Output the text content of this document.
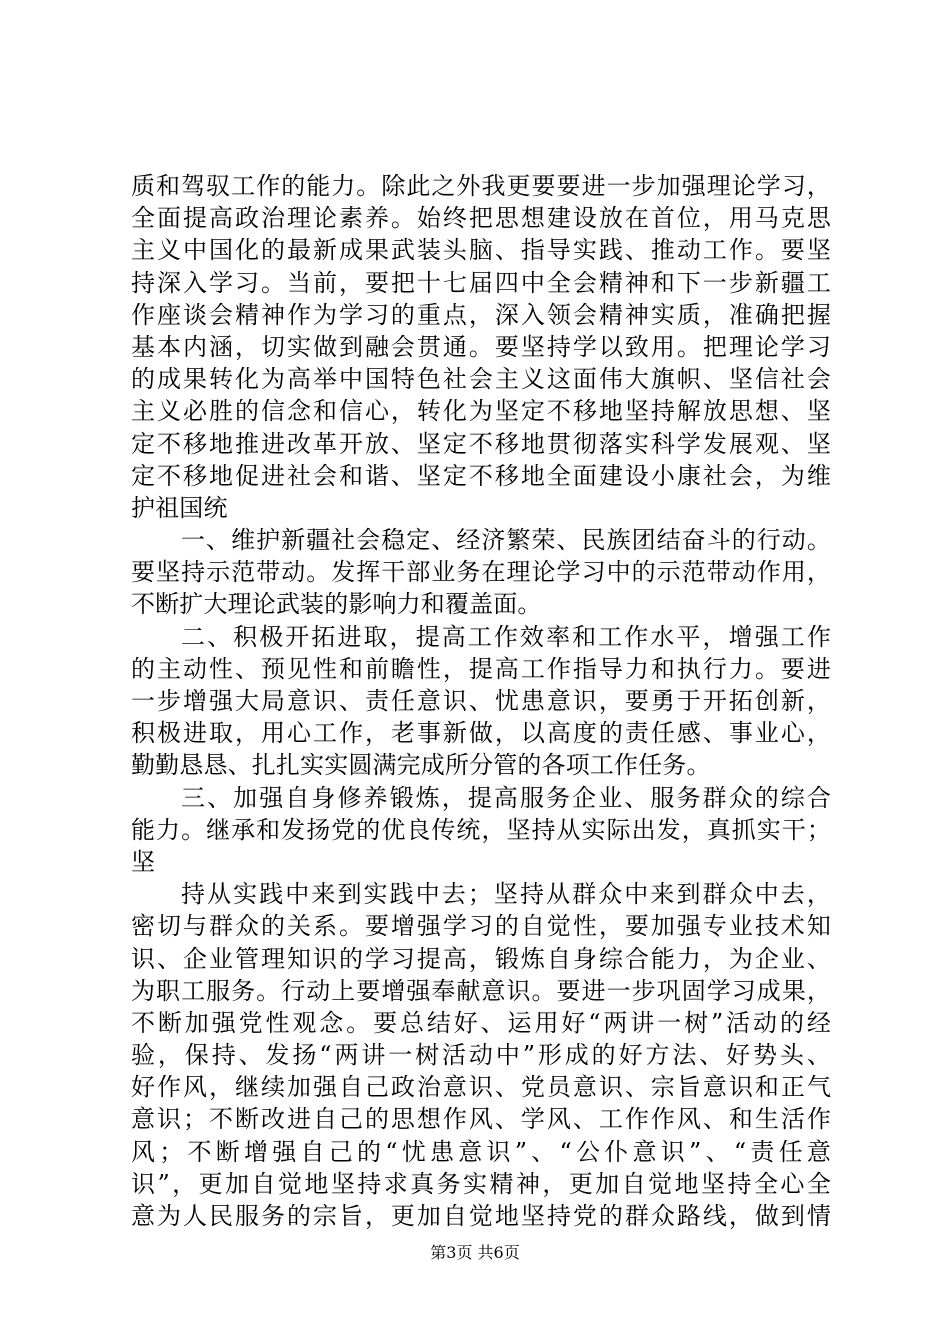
质和驾驭工作的能力。除此之外我更要要进一步加强理论学习，
全面提高政治理论素养。始终把思想建设放在首位，用马克思
主义中国化的最新成果武装头脑、指导实践、推动工作。要坚
持深入学习。当前，要把十七届四中全会精神和下一步新疆工
作座谈会精神作为学习的重点，深入领会精神实质，准确把握
基本内涵，切实做到融会贯通。要坚持学以致用。把理论学习
的成果转化为高举中国特色社会主义这面伟大旗帜、坚信社会
主义必胜的信念和信心，转化为坚定不移地坚持解放思想、坚
定不移地推进改革开放、坚定不移地贯彻落实科学发展观、坚
定不移地促进社会和谐、坚定不移地全面建设小康社会，为维
护祖国统
一、维护新疆社会稳定、经济繁荣、民族团结奋斗的行动。
要坚持示范带动。发挥干部业务在理论学习中的示范带动作用，
不断扩大理论武装的影响力和覆盖面。
二、积极开拓进取，提高工作效率和工作水平，增强工作
的主动性、预见性和前瞻性，提高工作指导力和执行力。要进
一步增强大局意识、责任意识、忧患意识，要勇于开拓创新，
积极进取，用心工作，老事新做，以高度的责任感、事业心，
勤勤恳恳、扎扎实实圆满完成所分管的各项工作任务。
三、加强自身修养锻炼，提高服务企业、服务群众的综合
能力。继承和发扬党的优良传统，坚持从实际出发，真抓实干；
坚
持从实践中来到实践中去；坚持从群众中来到群众中去，
密切与群众的关系。要增强学习的自觉性，要加强专业技术知
识、企业管理知识的学习提高，锻炼自身综合能力，为企业、
为职工服务。行动上要增强奉献意识。要进一步巩固学习成果，
不断加强党性观念。要总结好、运用好“两讲一树”活动的经
验，保持、发扬“两讲一树活动中”形成的好方法、好势头、
好作风，继续加强自己政治意识、党员意识、宗旨意识和正气
意识；不断改进自己的思想作风、学风、工作作风、和生活作
风；不断增强自己的“忧患意识”、“公仆意识”、“责任意
识”，更加自觉地坚持求真务实精神，更加自觉地坚持全心全
意为人民服务的宗旨，更加自觉地坚持党的群众路线，做到情
第3页 共6页
